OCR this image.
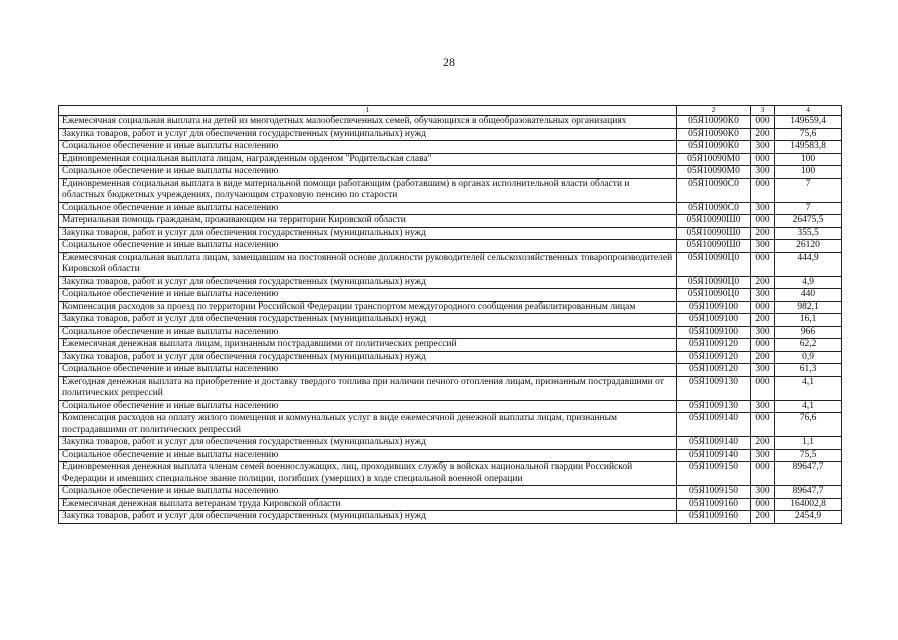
28
1	2	3	4
Ежемесячная социальная выплата на детей из многодетных малообеспеченных семей, обучающихся в общеобразовательных организациях	05Я10090К0	000	149659,4
Закупка товаров, работ и услуг для обеспечения государственных (муниципальных) нужд	05Я10090К0	200	75,6
Социальное обеспечение и иные выплаты населению	05Я10090К0	300	149583,8
Единовременная социальная выплата лицам, награжденным орденом "Родительская слава"	05Я10090М0	000	100
Социальное обеспечение и иные выплаты населению	05Я10090М0	300	100
Единовременная социальная выплата в виде материальной помощи работающим (работавшим) в органах исполнительной власти области и областных бюджетных учреждениях, получающим страховую пенсию по старости	05Я10090С0	000	7
Социальное обеспечение и иные выплаты населению	05Я10090С0	300	7
Материальная помощь гражданам, проживающим на территории Кировской области	05Я10090Ш0	000	26475,5
Закупка товаров, работ и услуг для обеспечения государственных (муниципальных) нужд	05Я10090Ш0	200	355,5
Социальное обеспечение и иные выплаты населению	05Я10090Ш0	300	26120
Ежемесячная социальная выплата лицам, замещавшим на постоянной основе должности руководителей сельскохозяйственных товаропроизводителей Кировской области	05Я10090Ц0	000	444,9
Закупка товаров, работ и услуг для обеспечения государственных (муниципальных) нужд	05Я10090Ц0	200	4,9
Социальное обеспечение и иные выплаты населению	05Я10090Ц0	300	440
Компенсация расходов за проезд по территории Российской Федерации транспортом междугородного сообщения реабилитированным лицам	05Я1009100	000	982,1
Закупка товаров, работ и услуг для обеспечения государственных (муниципальных) нужд	05Я1009100	200	16,1
Социальное обеспечение и иные выплаты населению	05Я1009100	300	966
Ежемесячная денежная выплата лицам, признанным пострадавшими от политических репрессий	05Я1009120	000	62,2
Закупка товаров, работ и услуг для обеспечения государственных (муниципальных) нужд	05Я1009120	200	0,9
Социальное обеспечение и иные выплаты населению	05Я1009120	300	61,3
Ежегодная денежная выплата на приобретение и доставку твердого топлива при наличии печного отопления лицам, признанным пострадавшими от политических репрессий	05Я1009130	000	4,1
Социальное обеспечение и иные выплаты населению	05Я1009130	300	4,1
Компенсация расходов на оплату жилого помещения и коммунальных услуг в виде ежемесячной денежной выплаты лицам, признанным пострадавшими от политических репрессий	05Я1009140	000	76,6
Закупка товаров, работ и услуг для обеспечения государственных (муниципальных) нужд	05Я1009140	200	1,1
Социальное обеспечение и иные выплаты населению	05Я1009140	300	75,5
Единовременная денежная выплата членам семей военнослужащих, лиц, проходивших службу в войсках национальной гвардии Российской Федерации и имевших специальное звание полиции, погибших (умерших) в ходе специальной военной операции	05Я1009150	000	89647,7
Социальное обеспечение и иные выплаты населению	05Я1009150	300	89647,7
Ежемесячная денежная выплата ветеранам труда Кировской области	05Я1009160	000	164002,8
Закупка товаров, работ и услуг для обеспечения государственных (муниципальных) нужд	05Я1009160	200	2454,9
